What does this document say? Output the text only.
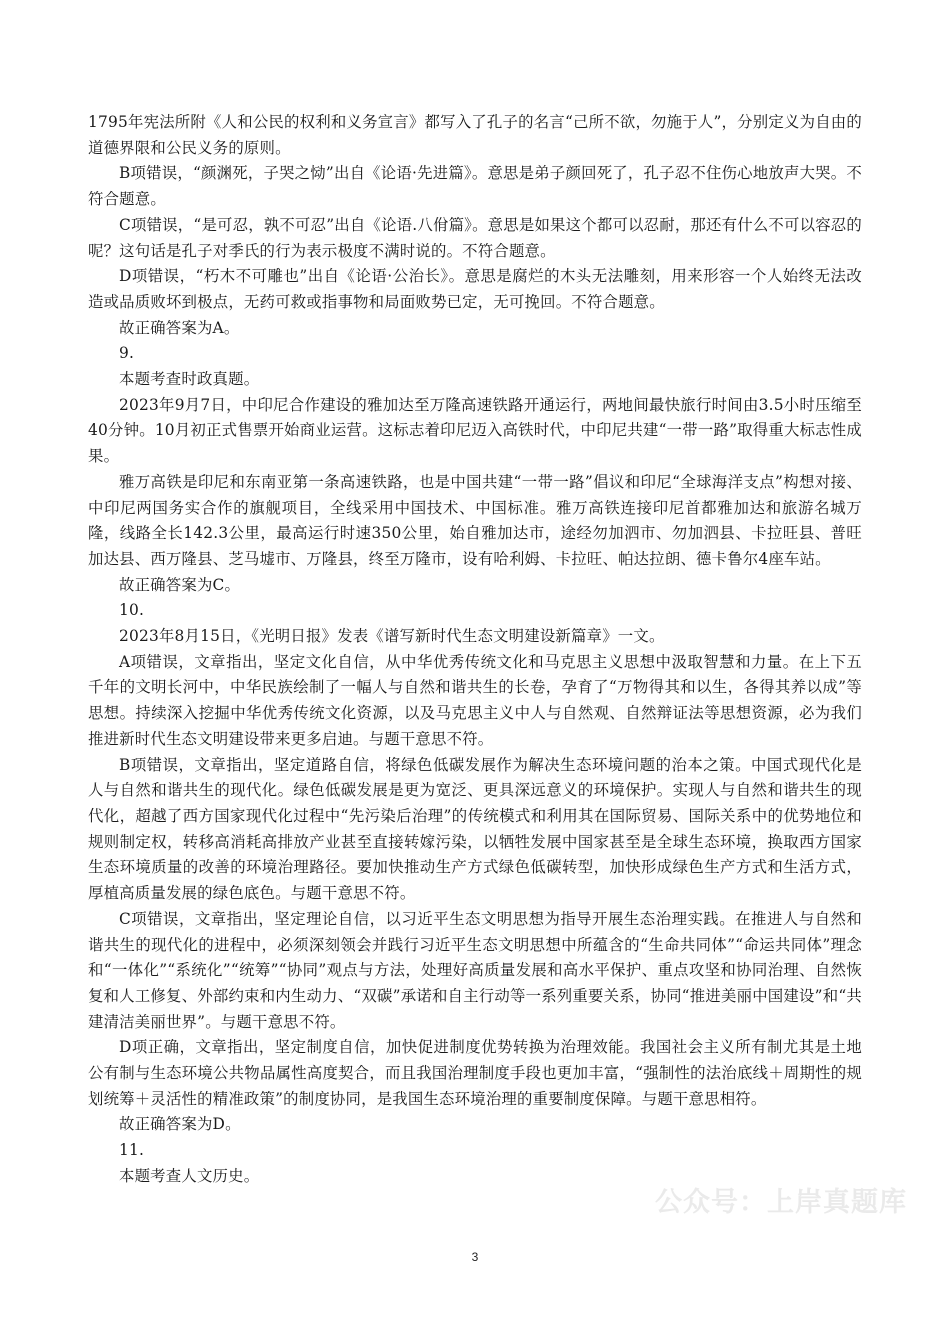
1795年宪法所附《人和公民的权利和义务宣言》都写入了孔子的名言“己所不欲，勿施于人”，分别定义为自由的道德界限和公民义务的原则。

B项错误，“颜渊死，子哭之恸”出自《论语·先进篇》。意思是弟子颜回死了，孔子忍不住伤心地放声大哭。不符合题意。

C项错误，“是可忍，孰不可忍”出自《论语.八佾篇》。意思是如果这个都可以忍耐，那还有什么不可以容忍的呢？这句话是孔子对季氏的行为表示极度不满时说的。不符合题意。

D项错误，“朽木不可雕也”出自《论语·公治长》。意思是腐烂的木头无法雕刻，用来形容一个人始终无法改造或品质败坏到极点，无药可救或指事物和局面败势已定，无可挽回。不符合题意。

故正确答案为A。

9.

本题考查时政真题。

2023年9月7日，中印尼合作建设的雅加达至万隆高速铁路开通运行，两地间最快旅行时间由3.5小时压缩至40分钟。10月初正式售票开始商业运营。这标志着印尼迈入高铁时代，中印尼共建“一带一路”取得重大标志性成果。

雅万高铁是印尼和东南亚第一条高速铁路，也是中国共建“一带一路”倡议和印尼“全球海洋支点”构想对接、中印尼两国务实合作的旗舰项目，全线采用中国技术、中国标准。雅万高铁连接印尼首都雅加达和旅游名城万隆，线路全长142.3公里，最高运行时速350公里，始自雅加达市，途经勿加泗市、勿加泗县、卡拉旺县、普旺加达县、西万隆县、芝马墟市、万隆县，终至万隆市，设有哈利姆、卡拉旺、帕达拉朗、德卡鲁尔4座车站。

故正确答案为C。

10.

2023年8月15日，《光明日报》发表《谱写新时代生态文明建设新篇章》一文。

A项错误，文章指出，坚定文化自信，从中华优秀传统文化和马克思主义思想中汲取智慧和力量。在上下五千年的文明长河中，中华民族绘制了一幅人与自然和谐共生的长卷，孕育了“万物得其和以生，各得其养以成”等思想。持续深入挖掘中华优秀传统文化资源，以及马克思主义中人与自然观、自然辩证法等思想资源，必为我们推进新时代生态文明建设带来更多启迪。与题干意思不符。

B项错误，文章指出，坚定道路自信，将绿色低碳发展作为解决生态环境问题的治本之策。中国式现代化是人与自然和谐共生的现代化。绿色低碳发展是更为宽泛、更具深远意义的环境保护。实现人与自然和谐共生的现代化，超越了西方国家现代化过程中“先污染后治理”的传统模式和利用其在国际贸易、国际关系中的优势地位和规则制定权，转移高消耗高排放产业甚至直接转嫁污染，以牺牲发展中国家甚至是全球生态环境，换取西方国家生态环境质量的改善的环境治理路径。要加快推动生产方式绿色低碳转型，加快形成绿色生产方式和生活方式，厚植高质量发展的绿色底色。与题干意思不符。

C项错误，文章指出，坚定理论自信，以习近平生态文明思想为指导开展生态治理实践。在推进人与自然和谐共生的现代化的进程中，必须深刻领会并践行习近平生态文明思想中所蕴含的“生命共同体”“命运共同体”理念和“一体化”“系统化”“统筹”“协同”观点与方法，处理好高质量发展和高水平保护、重点攻坚和协同治理、自然恢复和人工修复、外部约束和内生动力、“双碳”承诺和自主行动等一系列重要关系，协同“推进美丽中国建设”和“共建清洁美丽世界”。与题干意思不符。

D项正确，文章指出，坚定制度自信，加快促进制度优势转换为治理效能。我国社会主义所有制尤其是土地公有制与生态环境公共物品属性高度契合，而且我国治理制度手段也更加丰富，“强制性的法治底线＋周期性的规划统筹＋灵活性的精准政策”的制度协同，是我国生态环境治理的重要制度保障。与题干意思相符。

故正确答案为D。

11.

本题考查人文历史。

公众号：上岸真题库
3
